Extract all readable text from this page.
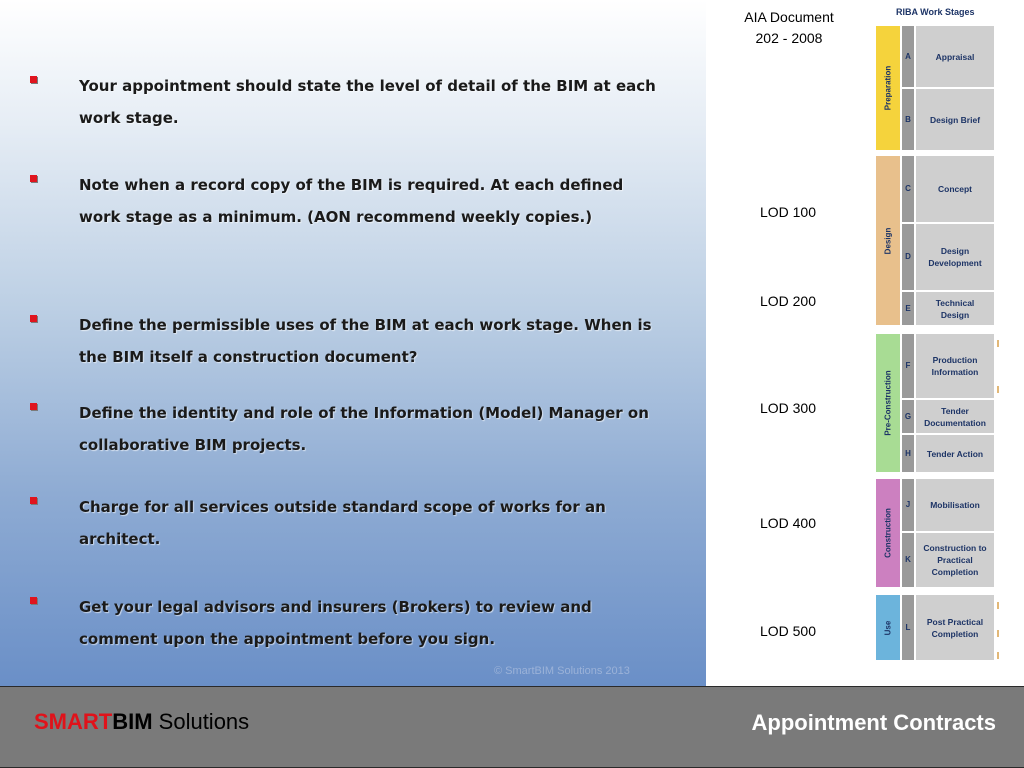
Your appointment should state the level of detail of the BIM at each work stage.
Note when a record copy of the BIM is required. At each defined work stage as a minimum. (AON recommend weekly copies.)
Define the permissible uses of the BIM at each work stage. When is the BIM itself a construction document?
Define the identity and role of the Information (Model) Manager on collaborative BIM projects.
Charge for all services outside standard scope of works for an architect.
Get your legal advisors and insurers (Brokers) to review and comment upon the appointment before you sign.
© SmartBIM Solutions 2013
AIA Document
202 - 2008
LOD 100
LOD 200
LOD 300
LOD 400
LOD 500
RIBA Work Stages
Preparation
Design
Pre-Construction
Construction
Use
A
B
C
D
E
F
G
H
J
K
L
Appraisal
Design Brief
Concept
Design Development
Technical Design
Production Information
Tender Documentation
Tender Action
Mobilisation
Construction to Practical Completion
Post Practical Completion
SMARTBIM Solutions	Appointment Contracts
